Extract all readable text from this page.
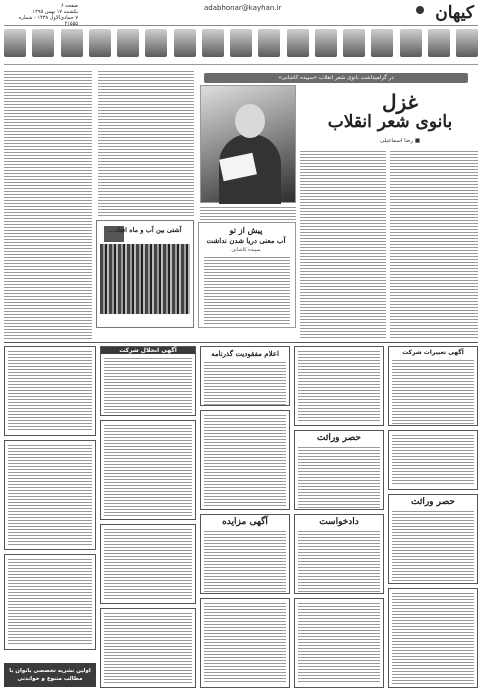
کیهان
adabhonar@kayhan.ir
صفحه ۶
یکشنبه ۱۷ بهمن ۱۳۹۵
۷ جمادی‌الاول ۱۴۳۸ - شماره ۲۱۵۵۵
در گرامیداشت بانوی شعر انقلاب «سپیده کاشانی»
غزل
بانوی شعر انقلاب
■ رضا اسماعیلی
پیش از تو
آب معنی دریا شدن نداشت
سپیده کاشانی
آشتی بین آب و ماه افتاد...
آگهی تغییرات شرکت
حصر وراثت
حصر وراثت
دادخواست
اعلام مفقودیت گذرنامه
آگهی مزایده
آگهی انحلال شرکت
اولین نشریه تخصصی بانوان با مطالب متنوع و خواندنی
